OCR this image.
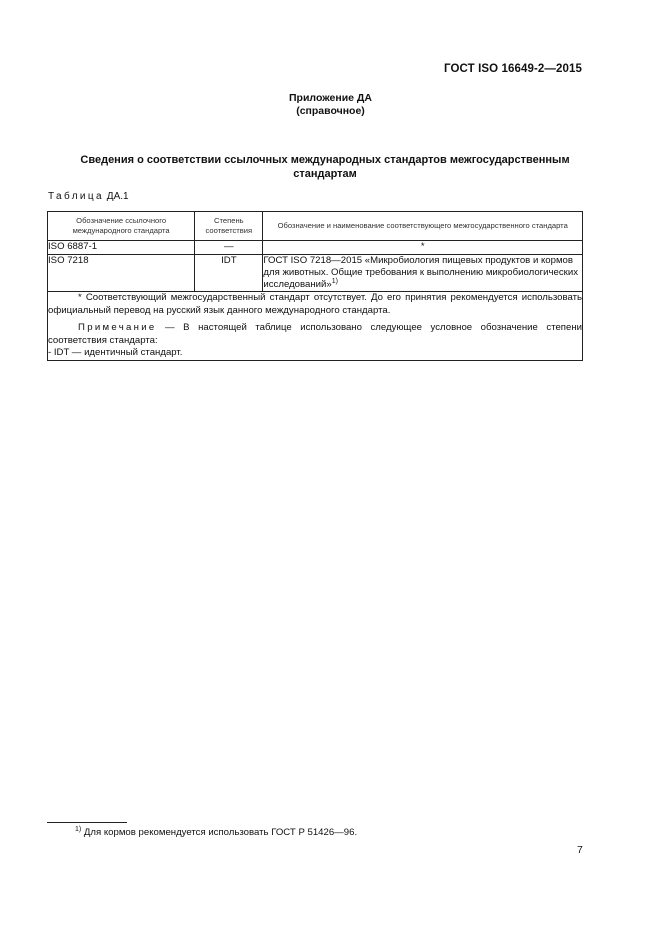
ГОСТ ISO 16649-2—2015
Приложение ДА
(справочное)
Сведения о соответствии ссылочных международных стандартов межгосударственным стандартам
Таблица ДА.1
Обозначение ссылочного международного стандарта	Степень соответствия	Обозначение и наименование соответствующего межгосударственного стандарта
ISO 6887-1	—	*
ISO 7218	IDT	ГОСТ ISO 7218—2015 «Микробиология пищевых продуктов и кормов для животных. Общие требования к выполнению микробиологических исследований»$^{1)}$

* Соответствующий межгосударственный стандарт отсутствует. До его принятия рекомендуется использовать официальный перевод на русский язык данного международного стандарта.
Примечание — В настоящей таблице использовано следующее условное обозначение степени соответствия стандарта:
- IDT — идентичный стандарт.		
$^{1)}$ Для кормов рекомендуется использовать ГОСТ Р 51426—96.
7
